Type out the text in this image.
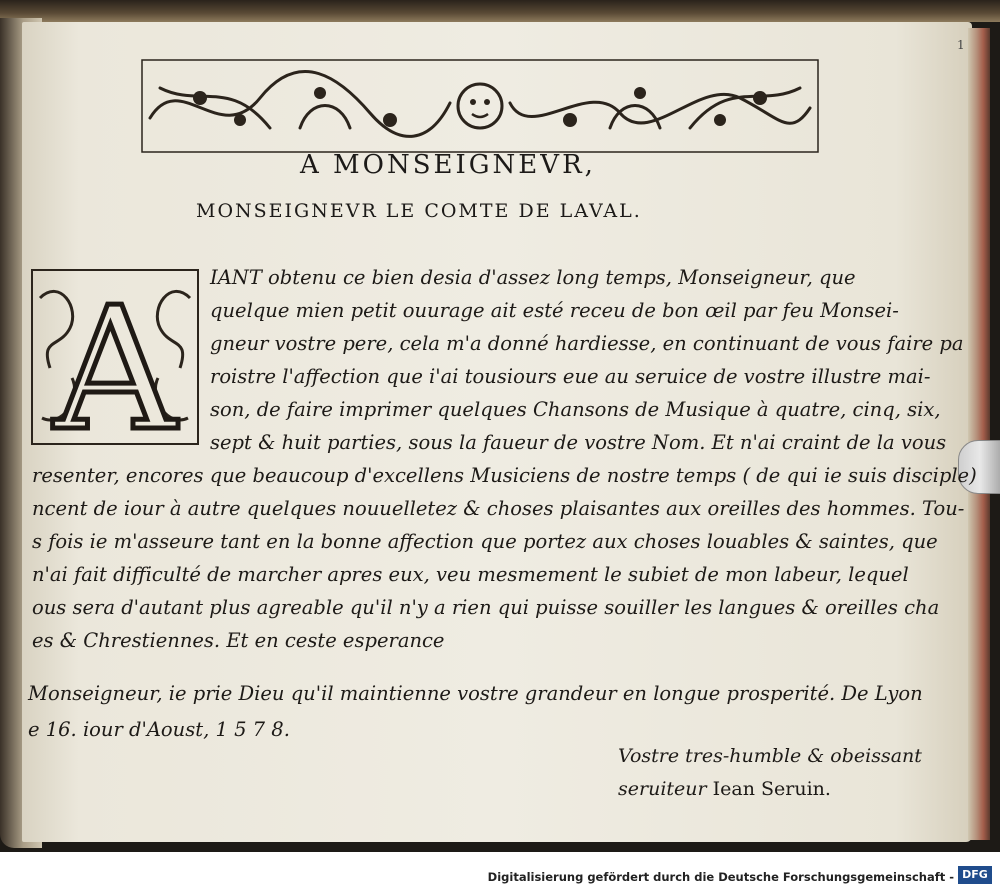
1
A MONSEIGNEVR,
MONSEIGNEVR LE COMTE DE LAVAL.
A IANT obtenu ce bien desia d'assez long temps, Monseigneur, que
quelque mien petit ouurage ait esté receu de bon œil par feu Monsei-
gneur vostre pere, cela m'a donné hardiesse, en continuant de vous faire pa
roistre l'affection que i'ai tousiours eue au seruice de vostre illustre mai-
son, de faire imprimer quelques Chansons de Musique à quatre, cinq, six,
sept & huit parties, sous la faueur de vostre Nom. Et n'ai craint de la vous
resenter, encores que beaucoup d'excellens Musiciens de nostre temps ( de qui ie suis disciple)
ncent de iour à autre quelques nouuelletez & choses plaisantes aux oreilles des hommes. Tou-
s fois ie m'asseure tant en la bonne affection que portez aux choses louables & saintes, que
n'ai fait difficulté de marcher apres eux, veu mesmement le subiet de mon labeur, lequel
ous sera d'autant plus agreable qu'il n'y a rien qui puisse souiller les langues & oreilles cha
es & Chrestiennes. Et en ceste esperance
Monseigneur, ie prie Dieu qu'il maintienne vostre grandeur en longue prosperité. De Lyon
e 16. iour d'Aoust, 1 5 7 8.
Vostre tres-humble & obeissant
seruiteur Iean Seruin.
Digitalisierung gefördert durch die Deutsche Forschungsgemeinschaft - DFG
